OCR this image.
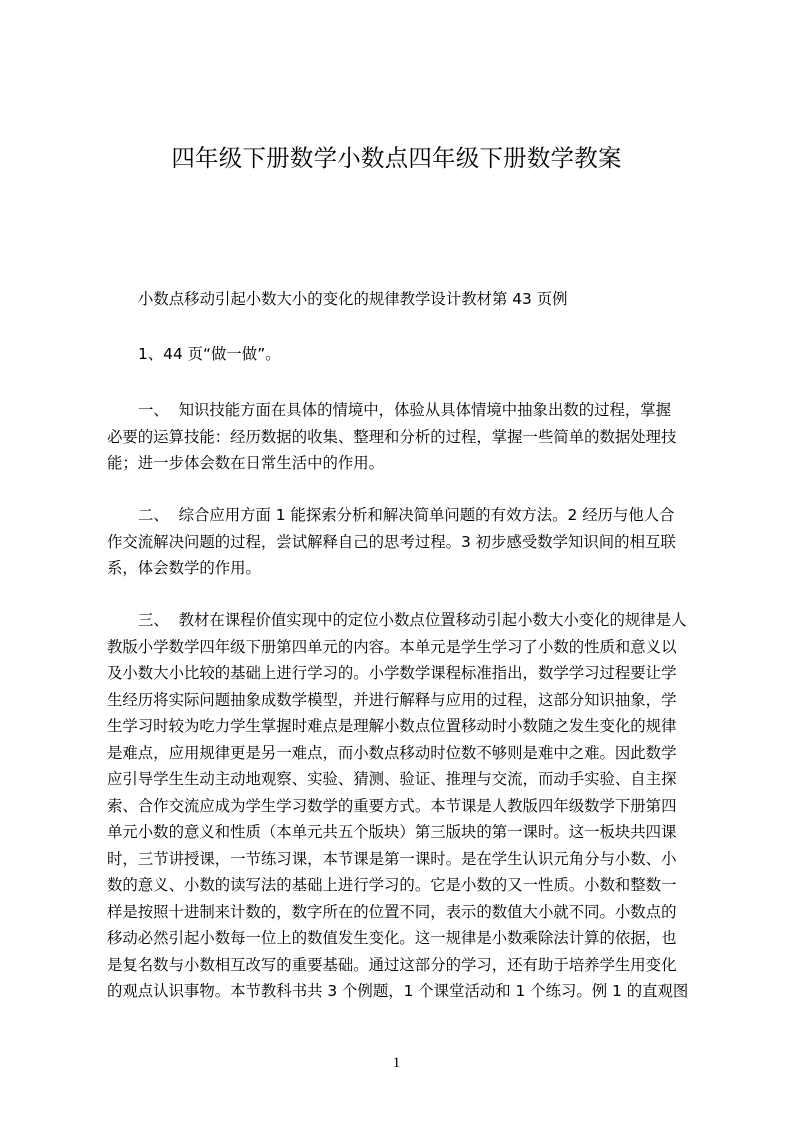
四年级下册数学小数点四年级下册数学教案
小数点移动引起小数大小的变化的规律教学设计教材第 43 页例
1、44 页“做一做”。
一、  知识技能方面在具体的情境中，体验从具体情境中抽象出数的过程，掌握
必要的运算技能：经历数据的收集、整理和分析的过程，掌握一些简单的数据处理技
能；进一步体会数在日常生活中的作用。
二、  综合应用方面 1 能探索分析和解决简单问题的有效方法。2 经历与他人合
作交流解决问题的过程，尝试解释自己的思考过程。3 初步感受数学知识间的相互联
系，体会数学的作用。
三、  教材在课程价值实现中的定位小数点位置移动引起小数大小变化的规律是人
教版小学数学四年级下册第四单元的内容。本单元是学生学习了小数的性质和意义以
及小数大小比较的基础上进行学习的。小学数学课程标准指出，数学学习过程要让学
生经历将实际问题抽象成数学模型，并进行解释与应用的过程，这部分知识抽象，学
生学习时较为吃力学生掌握时难点是理解小数点位置移动时小数随之发生变化的规律
是难点，应用规律更是另一难点，而小数点移动时位数不够则是难中之难。因此数学
应引导学生生动主动地观察、实验、猜测、验证、推理与交流，而动手实验、自主探
索、合作交流应成为学生学习数学的重要方式。本节课是人教版四年级数学下册第四
单元小数的意义和性质（本单元共五个版块）第三版块的第一课时。这一板块共四课
时，三节讲授课，一节练习课，本节课是第一课时。是在学生认识元角分与小数、小
数的意义、小数的读写法的基础上进行学习的。它是小数的又一性质。小数和整数一
样是按照十进制来计数的，数字所在的位置不同，表示的数值大小就不同。小数点的
移动必然引起小数每一位上的数值发生变化。这一规律是小数乘除法计算的依据，也
是复名数与小数相互改写的重要基础。通过这部分的学习，还有助于培养学生用变化
的观点认识事物。本节教科书共 3 个例题，1 个课堂活动和 1 个练习。例 1 的直观图
1
